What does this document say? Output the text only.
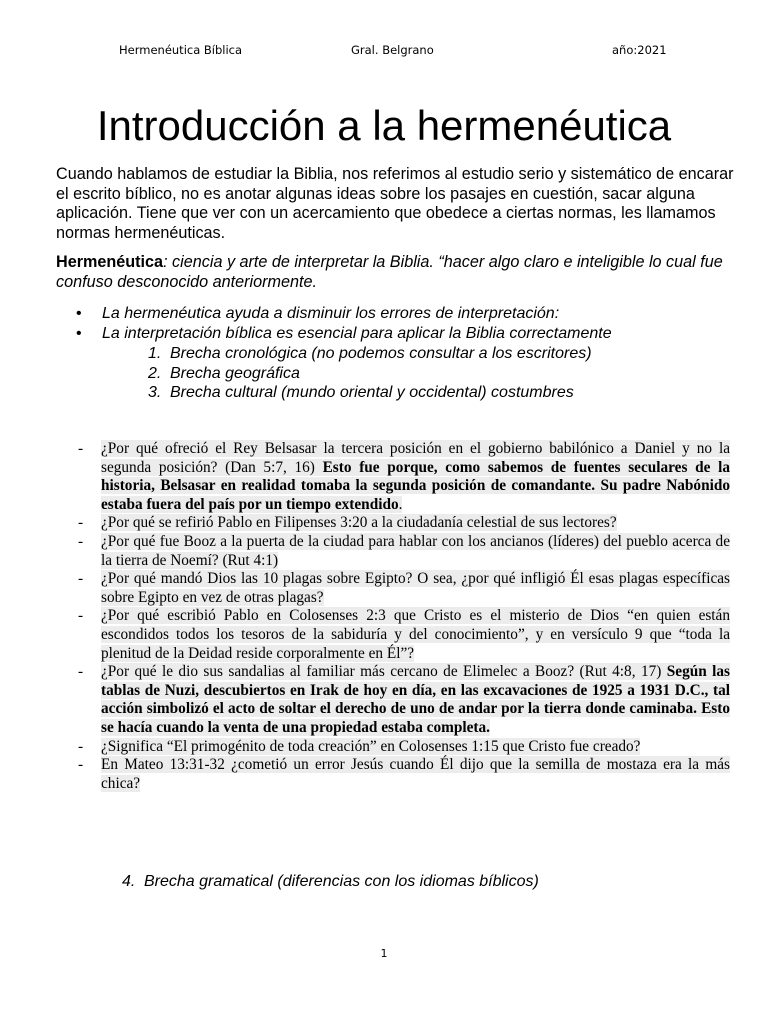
Hermenéutica Bíblica	Gral. Belgrano	año:2021
Introducción a la hermenéutica
Cuando hablamos de estudiar la Biblia, nos referimos al estudio serio y sistemático de encarar el escrito bíblico, no es anotar algunas ideas sobre los pasajes en cuestión, sacar alguna aplicación. Tiene que ver con un acercamiento que obedece a ciertas normas, les llamamos normas hermenéuticas.
Hermenéutica: ciencia y arte de interpretar la Biblia. “hacer algo claro e inteligible lo cual fue confuso desconocido anteriormente.
• La hermenéutica ayuda a disminuir los errores de interpretación:
• La interpretación bíblica es esencial para aplicar la Biblia correctamente
1. Brecha cronológica (no podemos consultar a los escritores)
2. Brecha geográfica
3. Brecha cultural (mundo oriental y occidental) costumbres
- ¿Por qué ofreció el Rey Belsasar la tercera posición en el gobierno babilónico a Daniel y no la segunda posición? (Dan 5:7, 16) Esto fue porque, como sabemos de fuentes seculares de la historia, Belsasar en realidad tomaba la segunda posición de comandante. Su padre Nabónido estaba fuera del país por un tiempo extendido.
- ¿Por qué se refirió Pablo en Filipenses 3:20 a la ciudadanía celestial de sus lectores?
- ¿Por qué fue Booz a la puerta de la ciudad para hablar con los ancianos (líderes) del pueblo acerca de la tierra de Noemí? (Rut 4:1)
- ¿Por qué mandó Dios las 10 plagas sobre Egipto? O sea, ¿por qué infligió Él esas plagas específicas sobre Egipto en vez de otras plagas?
- ¿Por qué escribió Pablo en Colosenses 2:3 que Cristo es el misterio de Dios “en quien están escondidos todos los tesoros de la sabiduría y del conocimiento”, y en versículo 9 que “toda la plenitud de la Deidad reside corporalmente en Él”?
- ¿Por qué le dio sus sandalias al familiar más cercano de Elimelec a Booz? (Rut 4:8, 17) Según las tablas de Nuzi, descubiertos en Irak de hoy en día, en las excavaciones de 1925 a 1931 D.C., tal acción simbolizó el acto de soltar el derecho de uno de andar por la tierra donde caminaba. Esto se hacía cuando la venta de una propiedad estaba completa.
- ¿Significa “El primogénito de toda creación” en Colosenses 1:15 que Cristo fue creado?
- En Mateo 13:31-32 ¿cometió un error Jesús cuando Él dijo que la semilla de mostaza era la más chica?
4. Brecha gramatical (diferencias con los idiomas bíblicos)
1
